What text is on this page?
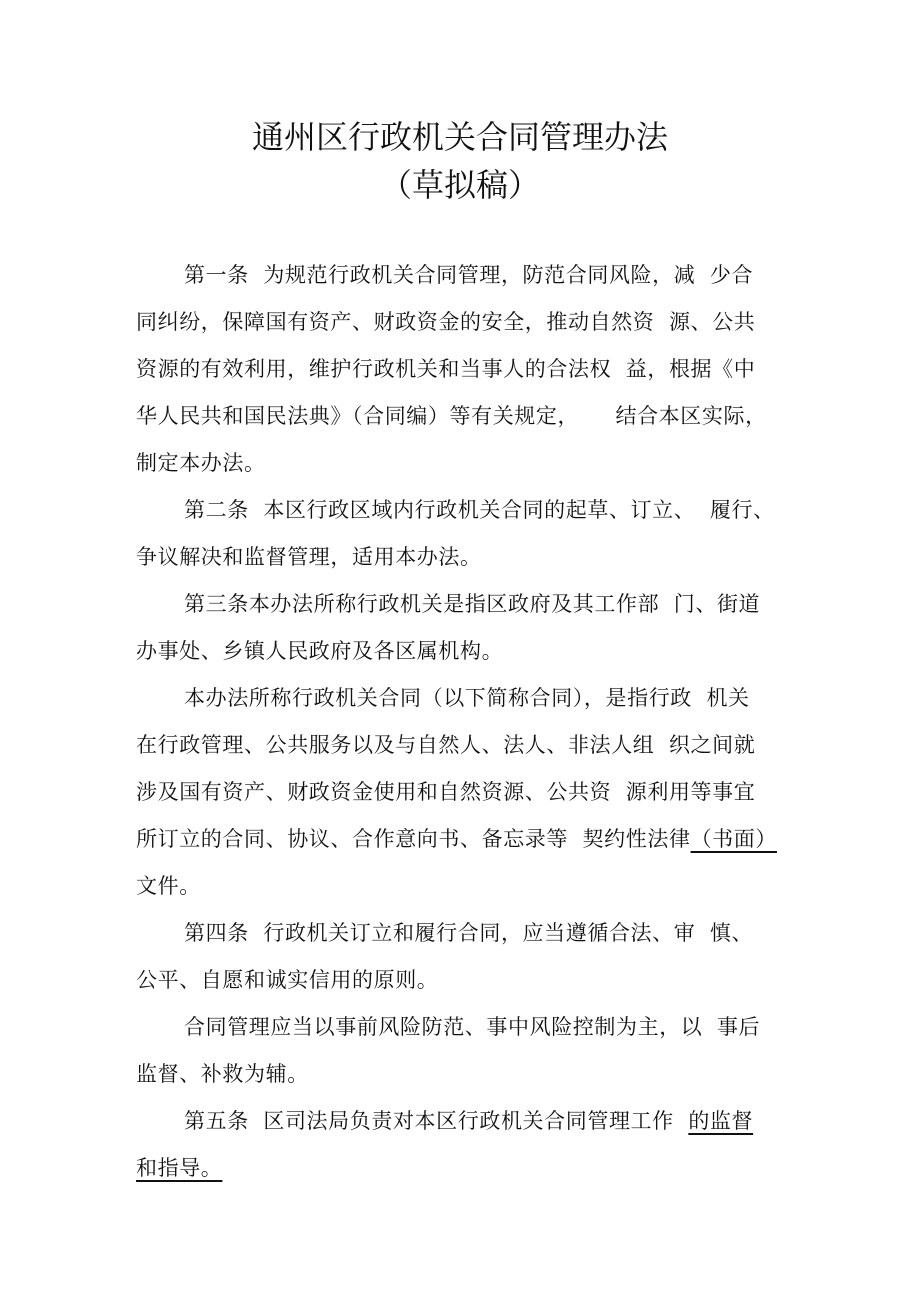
通州区行政机关合同管理办法
（草拟稿）

第一条  为规范行政机关合同管理，防范合同风险，减  少合

同纠纷，保障国有资产、财政资金的安全，推动自然资  源、公共

资源的有效利用，维护行政机关和当事人的合法权  益，根据《中

华人民共和国民法典》（合同编）等有关规定，     结合本区实际，

制定本办法。

第二条  本区行政区域内行政机关合同的起草、订立、  履行、

争议解决和监督管理，适用本办法。

第三条本办法所称行政机关是指区政府及其工作部  门、街道

办事处、乡镇人民政府及各区属机构。

本办法所称行政机关合同（以下简称合同），是指行政  机关

在行政管理、公共服务以及与自然人、法人、非法人组  织之间就

涉及国有资产、财政资金使用和自然资源、公共资  源利用等事宜

所订立的合同、协议、合作意向书、备忘录等  契约性法律（书面）

文件。

第四条  行政机关订立和履行合同，应当遵循合法、审  慎、

公平、自愿和诚实信用的原则。

合同管理应当以事前风险防范、事中风险控制为主，以  事后

监督、补救为辅。

第五条  区司法局负责对本区行政机关合同管理工作  的监督

和指导。
